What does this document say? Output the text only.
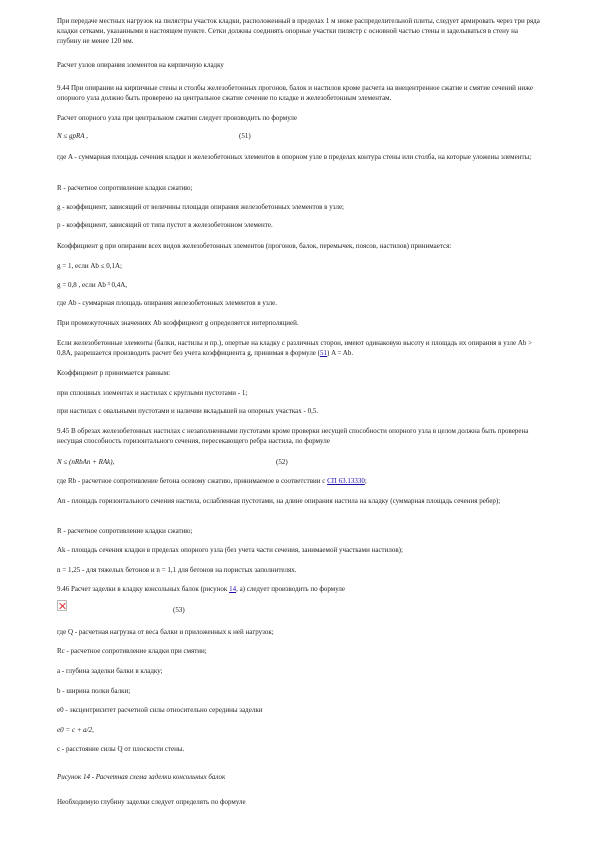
При передаче местных нагрузок на пилястры участок кладки, расположенный в пределах 1 м ниже распределительной плиты, следует армировать через три ряда кладки сетками, указанными в настоящем пункте. Сетки должны соединять опорные участки пилястр с основной частью стены и заделываться в стену на глубину не менее 120 мм.

Расчет узлов опирания элементов на кирпичную кладку

9.44 При опирании на кирпичные стены и столбы железобетонных прогонов, балок и настилов кроме расчета на внецентренное сжатие и смятие сечений ниже опорного узла должно быть проверено на центральное сжатие сечение по кладке и железобетонным элементам.

Расчет опорного узла при центральном сжатии следует производить по формуле

N ≤ gpRA ,	(51)

где A - суммарная площадь сечения кладки и железобетонных элементов в опорном узле в пределах контура стены или столба, на которые уложены элементы;

R - расчетное сопротивление кладки сжатию;

g - коэффициент, зависящий от величины площади опирания железобетонных элементов в узле;

p - коэффициент, зависящий от типа пустот в железобетонном элементе.

Коэффициент g при опирании всех видов железобетонных элементов (прогонов, балок, перемычек, поясов, настилов) принимается:

g = 1, если Ab ≤ 0,1A;

g = 0,8 , если Ab ³ 0,4A,

где Ab - суммарная площадь опирания железобетонных элементов в узле.

При промежуточных значениях Ab коэффициент g определяется интерполяцией.

Если железобетонные элементы (балки, настилы и пр.), опертые на кладку с различных сторон, имеют одинаковую высоту и площадь их опирания в узле Ab > 0,8A, разрешается производить расчет без учета коэффициента g, принимая в формуле (51) A = Ab.

Коэффициент p принимается равным:

при сплошных элементах и настилах с круглыми пустотами - 1;

при настилах с овальными пустотами и наличии вкладышей на опорных участках - 0,5.

9.45 В обрезах железобетонных настилах с незаполненными пустотами кроме проверки несущей способности опорного узла в целом должна быть проверена несущая способность горизонтального сечения, пересекающего ребра настила, по формуле

N ≤ (nRbAn + RAk),	(52)

где Rb - расчетное сопротивление бетона осевому сжатию, принимаемое в соответствии с СП 63.13330;

An - площадь горизонтального сечения настила, ослабленная пустотами, на длине опирания настила на кладку (суммарная площадь сечения ребер);

R - расчетное сопротивление кладки сжатию;

Ak - площадь сечения кладки в пределах опорного узла (без учета части сечения, занимаемой участками настилов);

n = 1,25 - для тяжелых бетонов и n = 1,1 для бетонов на пористых заполнителях.

9.46 Расчет заделки в кладку консольных балок (рисунок 14, а) следует производить по формуле

(53)

где Q - расчетная нагрузка от веса балки и приложенных к ней нагрузок;

Rc - расчетное сопротивление кладки при смятии;

a - глубина заделки балки в кладку;

b - ширина полки балки;

e0 - эксцентриситет расчетной силы относительно середины заделки

e0 = c + a/2,

c - расстояние силы Q от плоскости стены.

Рисунок 14 - Расчетная схема заделки консольных балок

Необходимую глубину заделки следует определять по формуле
